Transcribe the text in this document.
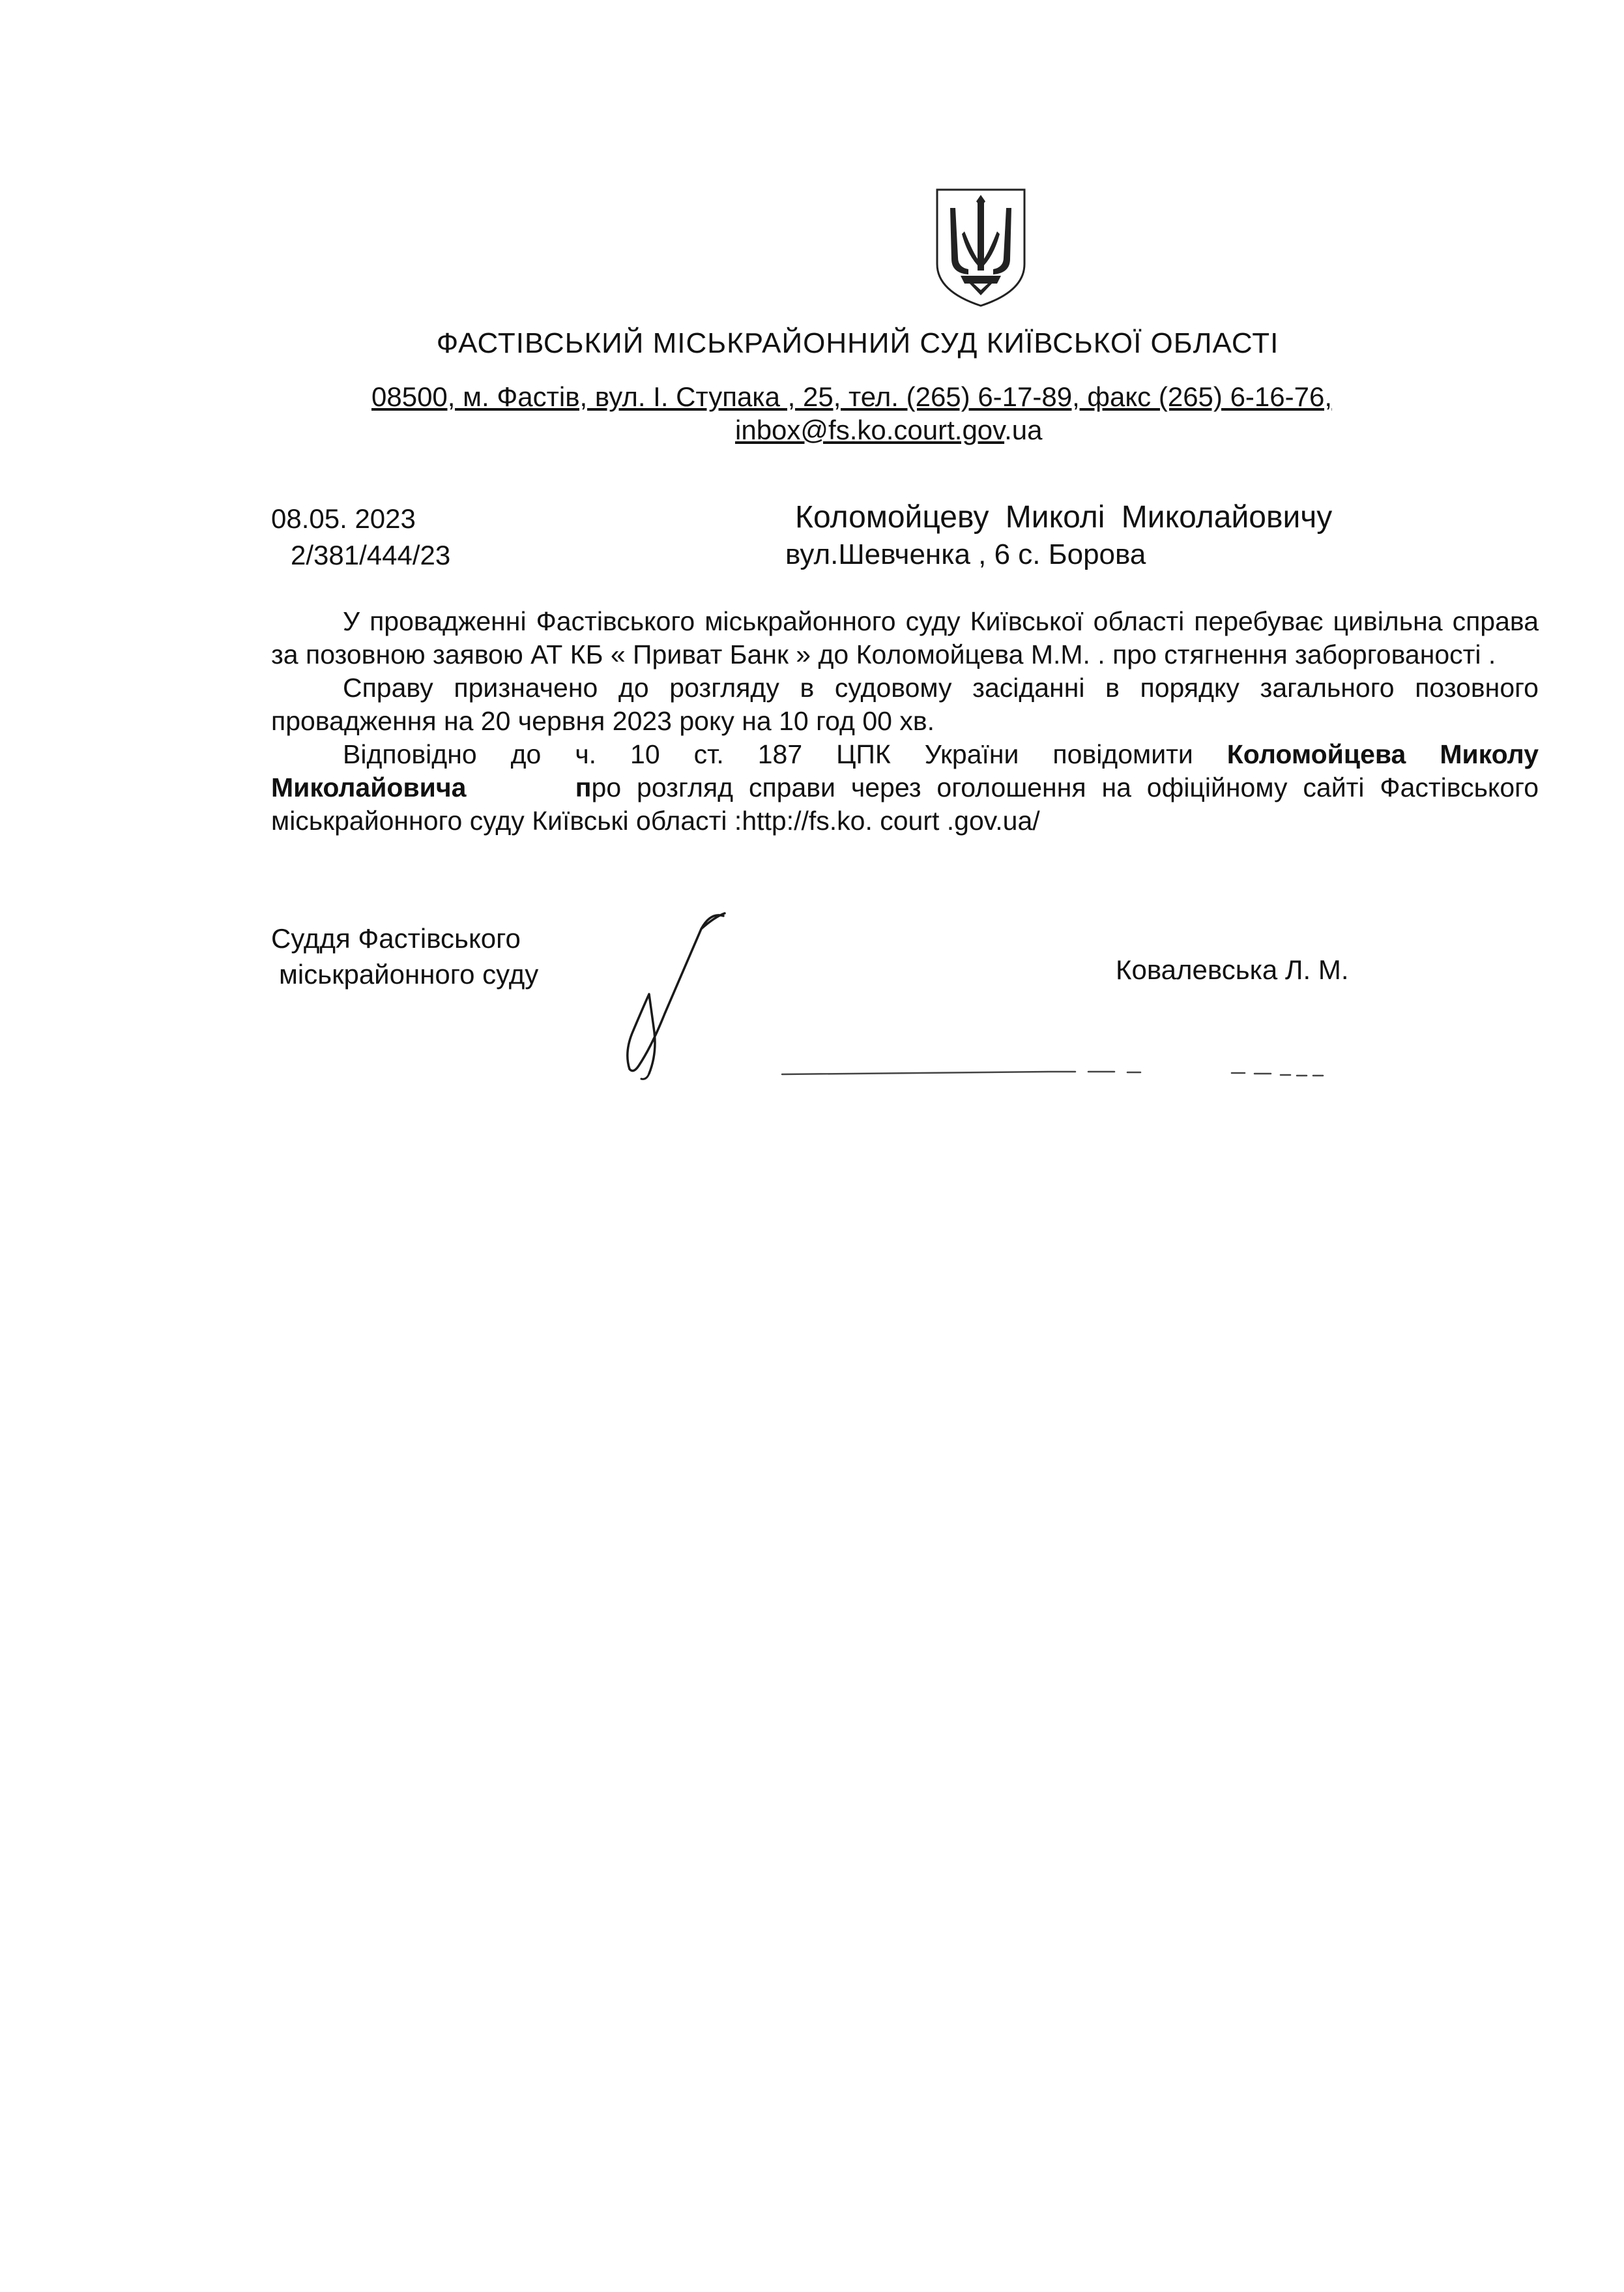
ФАСТІВСЬКИЙ МІСЬКРАЙОННИЙ СУД КИЇВСЬКОЇ ОБЛАСТІ
08500, м. Фастів, вул. І. Ступака , 25, тел. (265) 6-17-89, факс (265) 6-16-76,
inbox@fs.ko.court.gov.ua
08.05. 2023
2/381/444/23
Коломойцеву Миколі Миколайовичу
вул.Шевченка , 6 с. Борова

У провадженні Фастівського міськрайонного суду Київської області перебуває цивільна справа за позовною заявою АТ КБ « Приват Банк » до Коломойцева М.М. . про стягнення заборгованості .

Справу призначено до розгляду в судовому засіданні в порядку загального позовного провадження на 20 червня 2023 року на 10 год 00 хв.

Відповідно до ч. 10 ст. 187 ЦПК України повідомити Коломойцева Миколу Миколайовича	про розгляд справи через оголошення на офіційному сайті Фастівського міськрайонного суду Київські області :http://fs.ko. court .gov.ua/

Суддя Фастівського
міськрайонного суду	Ковалевська Л. М.
